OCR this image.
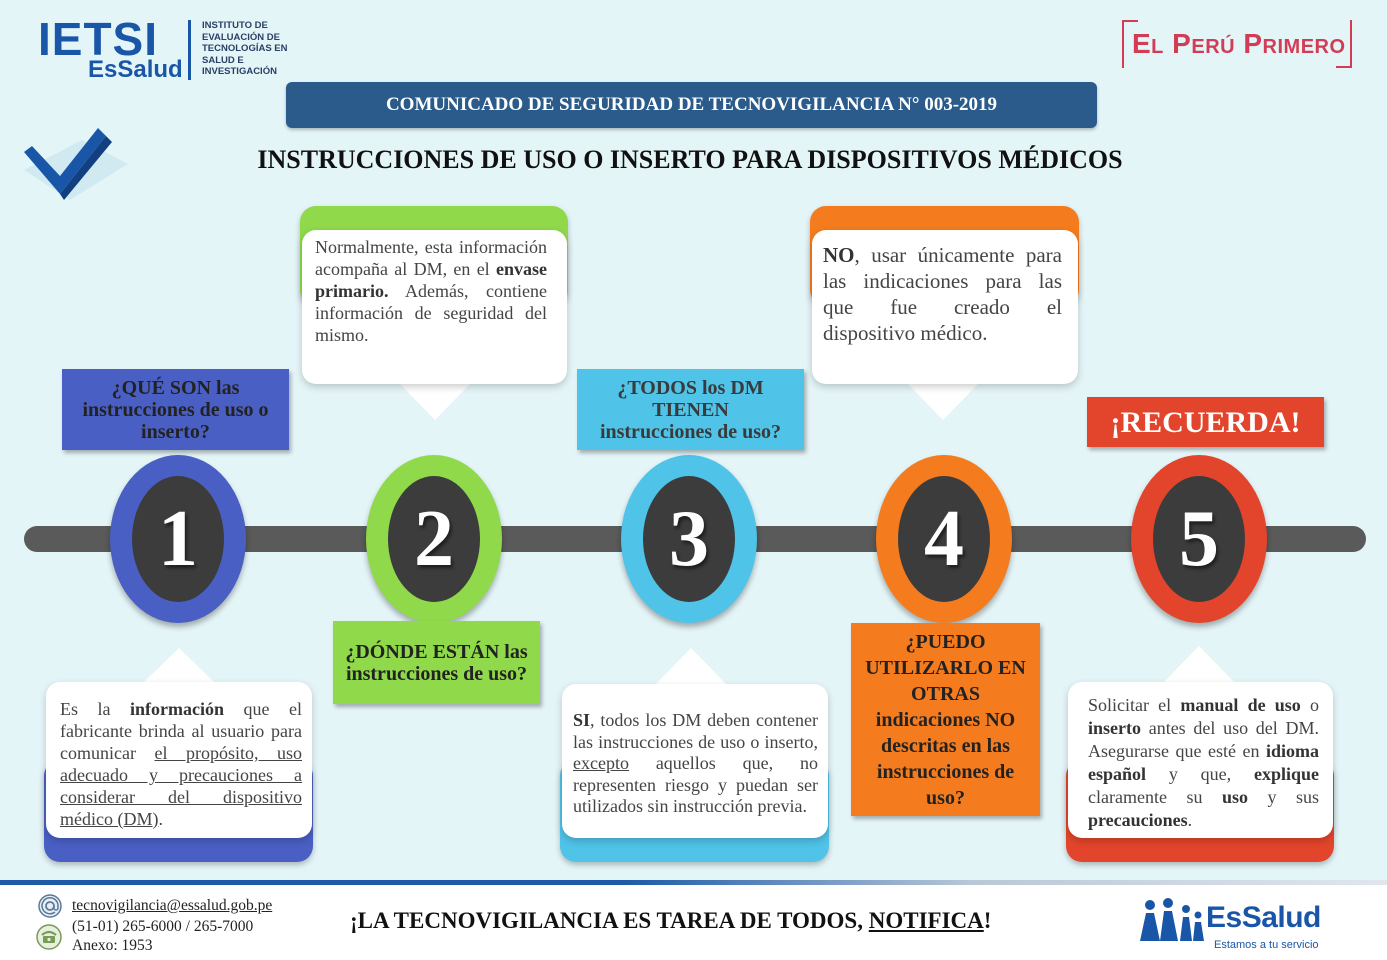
IETSI
EsSalud
INSTITUTO DE
EVALUACIÓN DE
TECNOLOGÍAS EN
SALUD E
INVESTIGACIÓN
El Perú Primero
COMUNICADO DE SEGURIDAD DE TECNOVIGILANCIA N° 003-2019
INSTRUCCIONES DE USO O INSERTO PARA DISPOSITIVOS MÉDICOS
1	2	3	4	5
¿QUÉ SON las instrucciones de uso o inserto?
¿DÓNDE ESTÁN las instrucciones de uso?
¿TODOS los DM
TIENEN
instrucciones de uso?
¿PUEDO UTILIZARLO EN OTRAS indicaciones NO descritas en las instrucciones de uso?
¡RECUERDA!
Es la información que el fabricante brinda al usuario para comunicar el propósito, uso adecuado y precauciones a considerar del dispositivo médico (DM).
Normalmente, esta información acompaña al DM, en el envase primario. Además, contiene información de seguridad del mismo.
SI, todos los DM deben contener las instrucciones de uso o inserto, excepto aquellos que, no representen riesgo y puedan ser utilizados sin instrucción previa.
NO, usar únicamente para las indicaciones para las que fue creado el dispositivo médico.
Solicitar el manual de uso o inserto antes del uso del DM. Asegurarse que esté en idioma español y que, explique claramente su uso y sus precauciones.
tecnovigilancia@essalud.gob.pe
(51-01) 265-6000 / 265-7000
Anexo: 1953
¡LA TECNOVIGILANCIA ES TAREA DE TODOS, NOTIFICA!	EsSalud
Estamos a tu servicio
